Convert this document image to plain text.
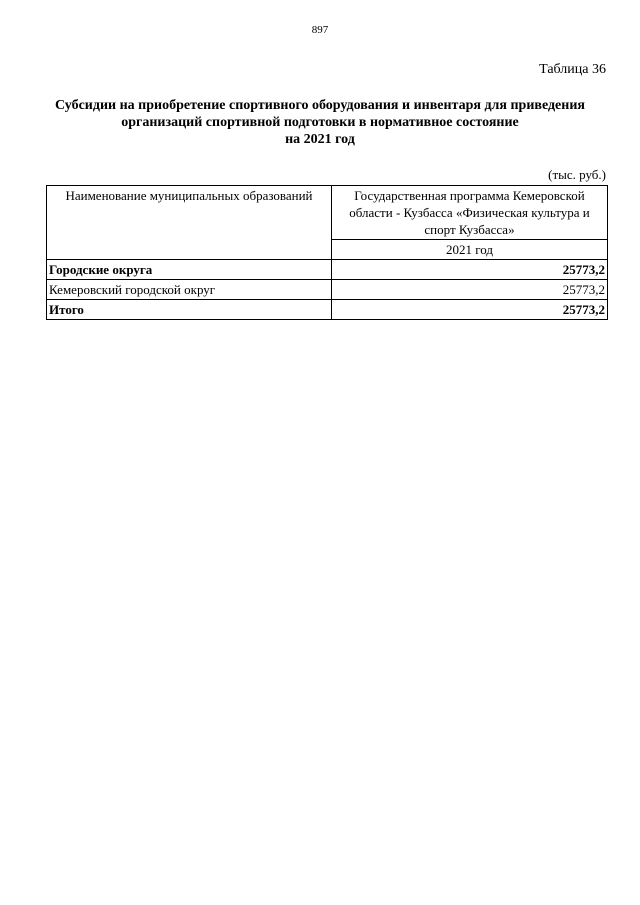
897
Таблица 36
Субсидии на приобретение спортивного оборудования и инвентаря для приведения
организаций спортивной подготовки в нормативное состояние
на 2021 год
(тыс. руб.)
Наименование муниципальных образований	Государственная программа Кемеровской области - Кузбасса «Физическая культура и спорт Кузбасса»
	2021 год
Городские округа	25773,2
Кемеровский городской округ	25773,2
Итого	25773,2
